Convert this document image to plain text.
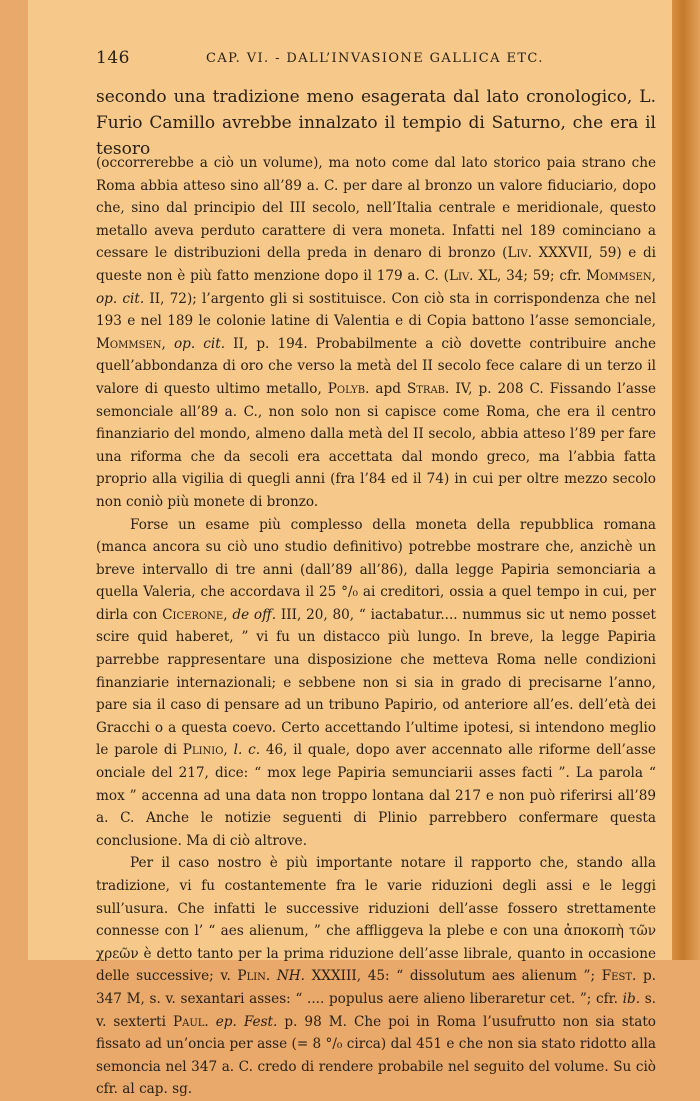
146	CAP. VI. - DALL’INVASIONE GALLICA ETC.

secondo una tradizione meno esagerata dal lato cronologico, L. Furio Camillo avrebbe innalzato il tempio di Saturno, che era il tesoro

(occorrerebbe a ciò un volume), ma noto come dal lato storico paia strano che Roma abbia atteso sino all’89 a. C. per dare al bronzo un valore fiduciario, dopo che, sino dal principio del III secolo, nell’Italia centrale e meridionale, questo metallo aveva perduto carattere di vera moneta. Infatti nel 189 cominciano a cessare le distribuzioni della preda in denaro di bronzo (Liv. XXXVII, 59) e di queste non è più fatto menzione dopo il 179 a. C. (Liv. XL, 34; 59; cfr. Mommsen, op. cit. II, 72); l’argento gli si sostituisce. Con ciò sta in corrispondenza che nel 193 e nel 189 le colonie latine di Valentia e di Copia battono l’asse semonciale, Mommsen, op. cit. II, p. 194. Probabilmente a ciò dovette contribuire anche quell’abbondanza di oro che verso la metà del II secolo fece calare di un terzo il valore di questo ultimo metallo, Polyb. apd Strab. IV, p. 208 C. Fissando l’asse semonciale all’89 a. C., non solo non si capisce come Roma, che era il centro finanziario del mondo, almeno dalla metà del II secolo, abbia atteso l’89 per fare una riforma che da secoli era accettata dal mondo greco, ma l’abbia fatta proprio alla vigilia di quegli anni (fra l’84 ed il 74) in cui per oltre mezzo secolo non coniò più monete di bronzo.

Forse un esame più complesso della moneta della repubblica romana (manca ancora su ciò uno studio definitivo) potrebbe mostrare che, anzichè un breve intervallo di tre anni (dall’89 all’86), dalla legge Papiria semonciaria a quella Valeria, che accordava il 25 °/₀ ai creditori, ossia a quel tempo in cui, per dirla con Cicerone, de off. III, 20, 80, “ iactabatur.... nummus sic ut nemo posset scire quid haberet, ” vi fu un distacco più lungo. In breve, la legge Papiria parrebbe rappresentare una disposizione che metteva Roma nelle condizioni finanziarie internazionali; e sebbene non si sia in grado di precisarne l’anno, pare sia il caso di pensare ad un tribuno Papirio, od anteriore all’es. dell’età dei Gracchi o a questa coevo. Certo accettando l’ultime ipotesi, si intendono meglio le parole di Plinio, l. c. 46, il quale, dopo aver accennato alle riforme dell’asse onciale del 217, dice: “ mox lege Papiria semunciarii asses facti ”. La parola “ mox ” accenna ad una data non troppo lontana dal 217 e non può riferirsi all’89 a. C. Anche le notizie seguenti di Plinio parrebbero confermare questa conclusione. Ma di ciò altrove.

Per il caso nostro è più importante notare il rapporto che, stando alla tradizione, vi fu costantemente fra le varie riduzioni degli assi e le leggi sull’usura. Che infatti le successive riduzioni dell’asse fossero strettamente connesse con l’ “ aes alienum, ” che affliggeva la plebe e con una ἀποκοπὴ τῶν χρεῶν è detto tanto per la prima riduzione dell’asse librale, quanto in occasione delle successive; v. Plin. NH. XXXIII, 45: “ dissolutum aes alienum ”; Fest. p. 347 M, s. v. sexantari asses: “ .... populus aere alieno liberaretur cet. ”; cfr. ib. s. v. sexterti Paul. ep. Fest. p. 98 M. Che poi in Roma l’usufrutto non sia stato fissato ad un’oncia per asse (= 8 °/₀ circa) dal 451 e che non sia stato ridotto alla semoncia nel 347 a. C. credo di rendere probabile nel seguito del volume. Su ciò cfr. al cap. sg.
